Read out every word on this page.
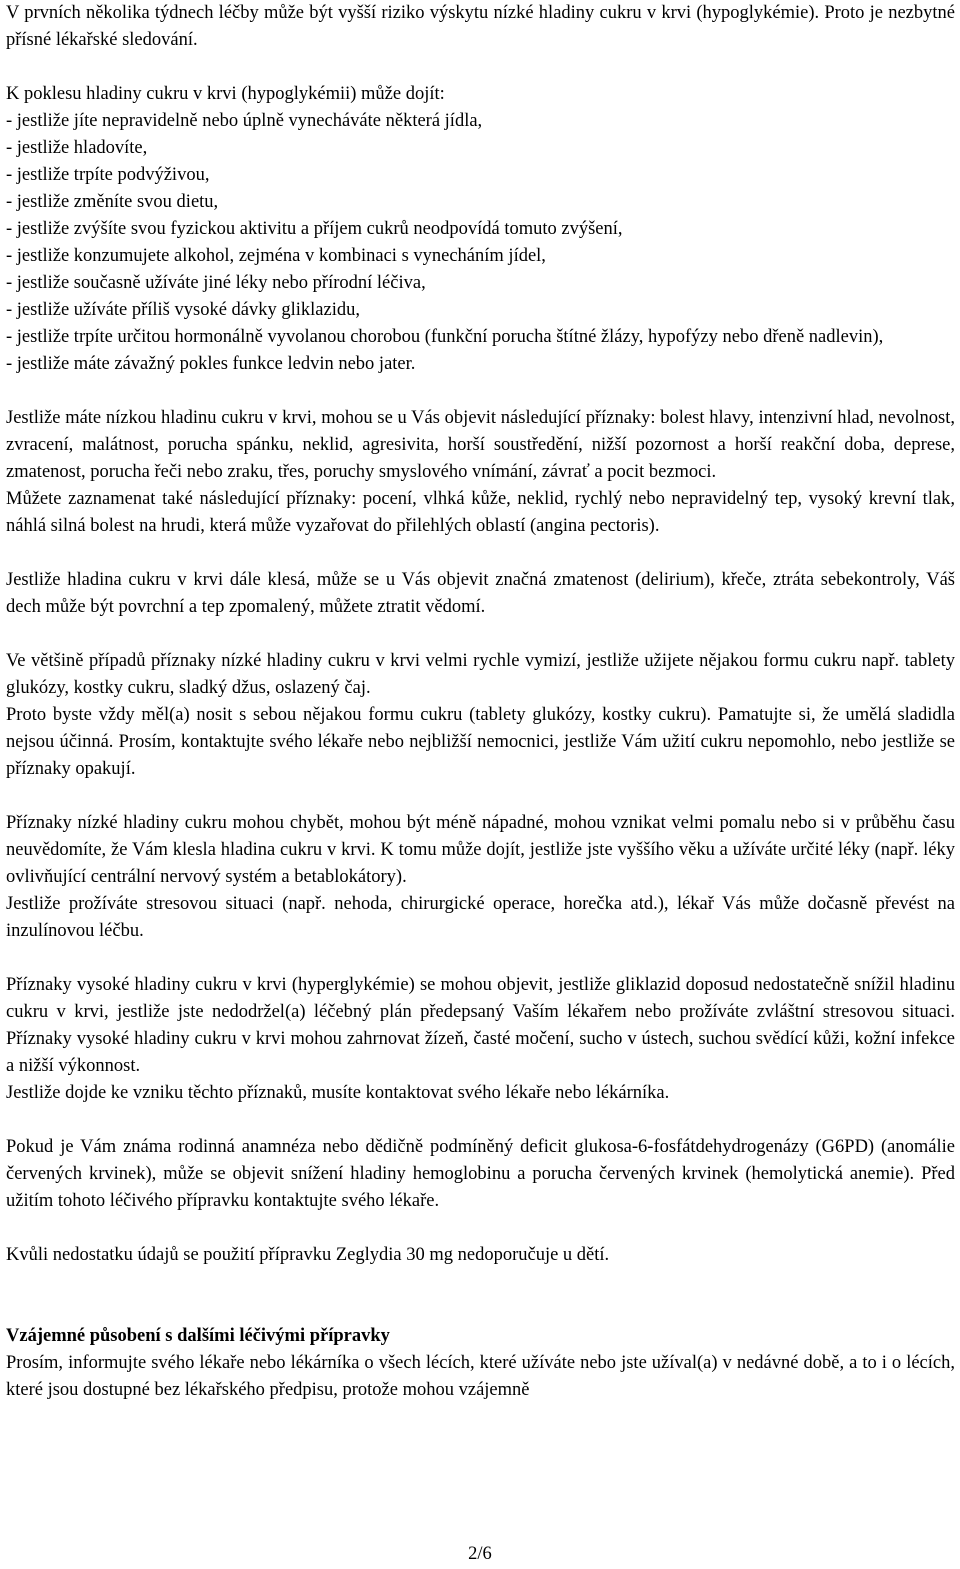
V prvních několika týdnech léčby může být vyšší riziko výskytu nízké hladiny cukru v krvi (hypoglykémie). Proto je nezbytné přísné lékařské sledování.

K poklesu hladiny cukru v krvi (hypoglykémii) může dojít:

- jestliže jíte nepravidelně nebo úplně vynecháváte některá jídla,

- jestliže hladovíte,

- jestliže trpíte podvýživou,

- jestliže změníte svou dietu,

- jestliže zvýšíte svou fyzickou aktivitu a příjem cukrů neodpovídá tomuto zvýšení,

- jestliže konzumujete alkohol, zejména v kombinaci s vynecháním jídel,

- jestliže současně užíváte jiné léky nebo přírodní léčiva,

- jestliže užíváte příliš vysoké dávky gliklazidu,

- jestliže trpíte určitou hormonálně vyvolanou chorobou (funkční porucha štítné žlázy, hypofýzy nebo dřeně nadlevin),

- jestliže máte závažný pokles funkce ledvin nebo jater.

Jestliže máte nízkou hladinu cukru v krvi, mohou se u Vás objevit následující příznaky: bolest hlavy, intenzivní hlad, nevolnost, zvracení, malátnost, porucha spánku, neklid, agresivita, horší soustředění, nižší pozornost a horší reakční doba, deprese, zmatenost, porucha řeči nebo zraku, třes, poruchy smyslového vnímání, závrať a pocit bezmoci.

Můžete zaznamenat také následující příznaky: pocení, vlhká kůže, neklid, rychlý nebo nepravidelný tep, vysoký krevní tlak, náhlá silná bolest na hrudi, která může vyzařovat do přilehlých oblastí (angina pectoris).

Jestliže hladina cukru v krvi dále klesá, může se u Vás objevit značná zmatenost (delirium), křeče, ztráta sebekontroly, Váš dech může být povrchní a tep zpomalený, můžete ztratit vědomí.

Ve většině případů příznaky nízké hladiny cukru v krvi velmi rychle vymizí, jestliže užijete nějakou formu cukru např. tablety glukózy, kostky cukru, sladký džus, oslazený čaj.

Proto byste vždy měl(a) nosit s sebou nějakou formu cukru (tablety glukózy, kostky cukru). Pamatujte si, že umělá sladidla nejsou účinná. Prosím, kontaktujte svého lékaře nebo nejbližší nemocnici, jestliže Vám užití cukru nepomohlo, nebo jestliže se příznaky opakují.

Příznaky nízké hladiny cukru mohou chybět, mohou být méně nápadné, mohou vznikat velmi pomalu nebo si v průběhu času neuvědomíte, že Vám klesla hladina cukru v krvi. K tomu může dojít, jestliže jste vyššího věku a užíváte určité léky (např. léky ovlivňující centrální nervový systém a betablokátory).

Jestliže prožíváte stresovou situaci (např. nehoda, chirurgické operace, horečka atd.), lékař Vás může dočasně převést na inzulínovou léčbu.

Příznaky vysoké hladiny cukru v krvi (hyperglykémie) se mohou objevit, jestliže gliklazid doposud nedostatečně snížil hladinu cukru v krvi, jestliže jste nedodržel(a) léčebný plán předepsaný Vaším lékařem nebo prožíváte zvláštní stresovou situaci. Příznaky vysoké hladiny cukru v krvi mohou zahrnovat žízeň, časté močení, sucho v ústech, suchou svědící kůži, kožní infekce a nižší výkonnost.

Jestliže dojde ke vzniku těchto příznaků, musíte kontaktovat svého lékaře nebo lékárníka.

Pokud je Vám známa rodinná anamnéza nebo dědičně podmíněný deficit glukosa-6-fosfátdehydrogenázy (G6PD) (anomálie červených krvinek), může se objevit snížení hladiny hemoglobinu a porucha červených krvinek (hemolytická anemie). Před užitím tohoto léčivého přípravku kontaktujte svého lékaře.

Kvůli nedostatku údajů se použití přípravku Zeglydia 30 mg nedoporučuje u dětí.

Vzájemné působení s dalšími léčivými přípravky

Prosím, informujte svého lékaře nebo lékárníka o všech lécích, které užíváte nebo jste užíval(a) v nedávné době, a to i o lécích, které jsou dostupné bez lékařského předpisu, protože mohou vzájemně

2/6
